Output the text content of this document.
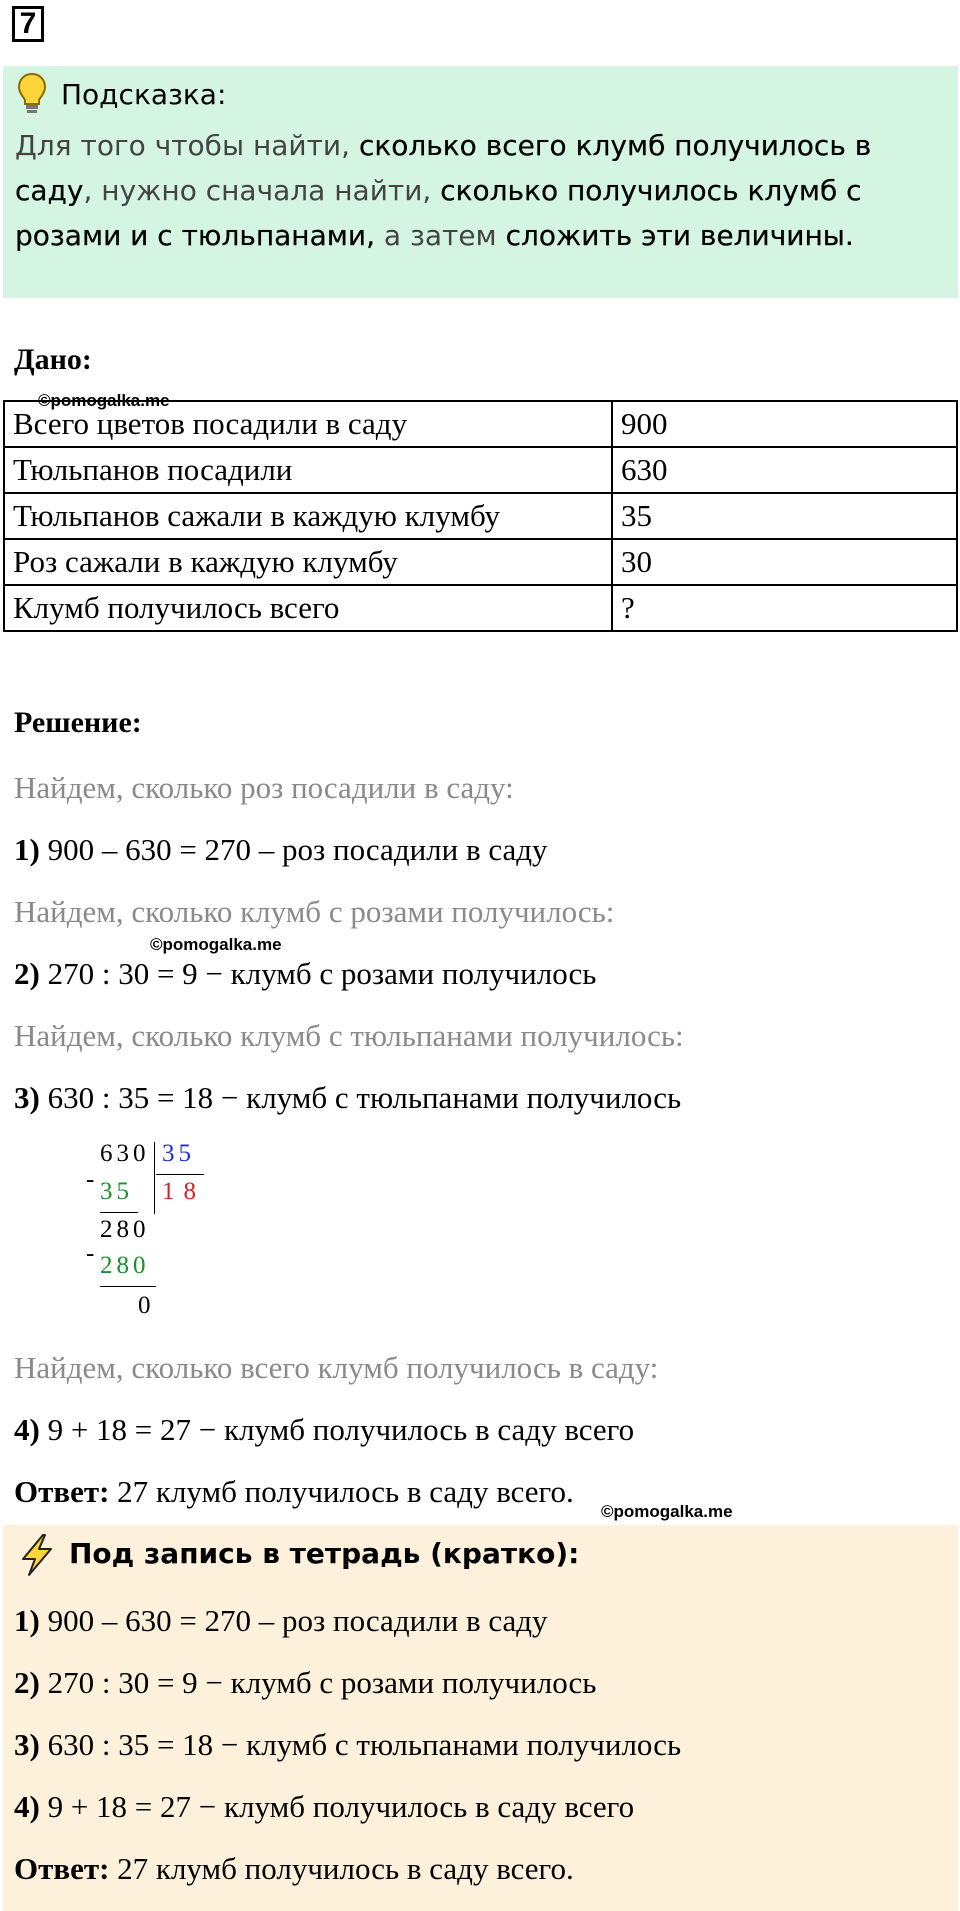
7
Подсказка:
Для того чтобы найти, сколько всего клумб получилось в саду, нужно сначала найти, сколько получилось клумб с розами и с тюльпанами, а затем сложить эти величины.
Дано:
©pomogalka.me
Всего цветов посадили в саду	900
Тюльпанов посадили	630
Тюльпанов сажали в каждую клумбу	35
Роз сажали в каждую клумбу	30
Клумб получилось всего	?
Решение:
Найдем, сколько роз посадили в саду:
1) 900 – 630 = 270 – роз посадили в саду
Найдем, сколько клумб с розами получилось:
©pomogalka.me
2) 270 : 30 = 9 − клумб с розами получилось
Найдем, сколько клумб с тюльпанами получилось:
3) 630 : 35 = 18 − клумб с тюльпанами получилось
630 35
- 35 18
280
- 280
0
Найдем, сколько всего клумб получилось в саду:
4) 9 + 18 = 27 − клумб получилось в саду всего
Ответ: 27 клумб получилось в саду всего.
©pomogalka.me
Под запись в тетрадь (кратко):
1) 900 – 630 = 270 – роз посадили в саду
2) 270 : 30 = 9 − клумб с розами получилось
3) 630 : 35 = 18 − клумб с тюльпанами получилось
4) 9 + 18 = 27 − клумб получилось в саду всего
Ответ: 27 клумб получилось в саду всего.
